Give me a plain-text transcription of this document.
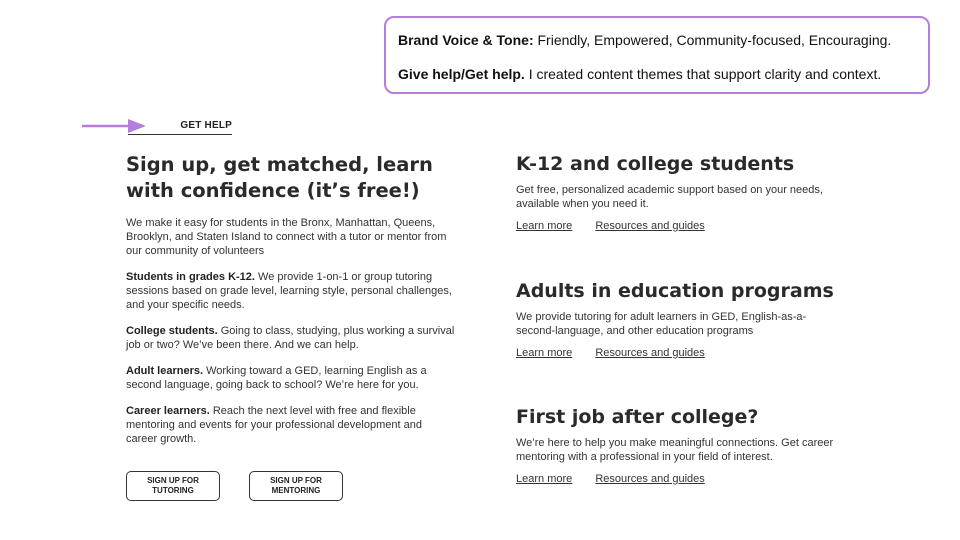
Brand Voice & Tone: Friendly, Empowered, Community-focused, Encouraging.

Give help/Get help. I created content themes that support clarity and context.

GET HELP
Sign up, get matched, learn with confidence (it’s free!)

We make it easy for students in the Bronx, Manhattan, Queens, Brooklyn, and Staten Island to connect with a tutor or mentor from our community of volunteers

Students in grades K-12. We provide 1-on-1 or group tutoring sessions based on grade level, learning style, personal challenges, and your specific needs.

College students. Going to class, studying, plus working a survival job or two? We’ve been there. And we can help.

Adult learners. Working toward a GED, learning English as a second language, going back to school? We’re here for you.

Career learners. Reach the next level with free and flexible mentoring and events for your professional development and career growth.

SIGN UP FOR TUTORING
SIGN UP FOR MENTORING
K-12 and college students

Get free, personalized academic support based on your needs, available when you need it.

Learn more Resources and guides
Adults in education programs

We provide tutoring for adult learners in GED, English-as-a-second-language, and other education programs

Learn more Resources and guides
First job after college?

We’re here to help you make meaningful connections. Get career mentoring with a professional in your field of interest.

Learn more Resources and guides
